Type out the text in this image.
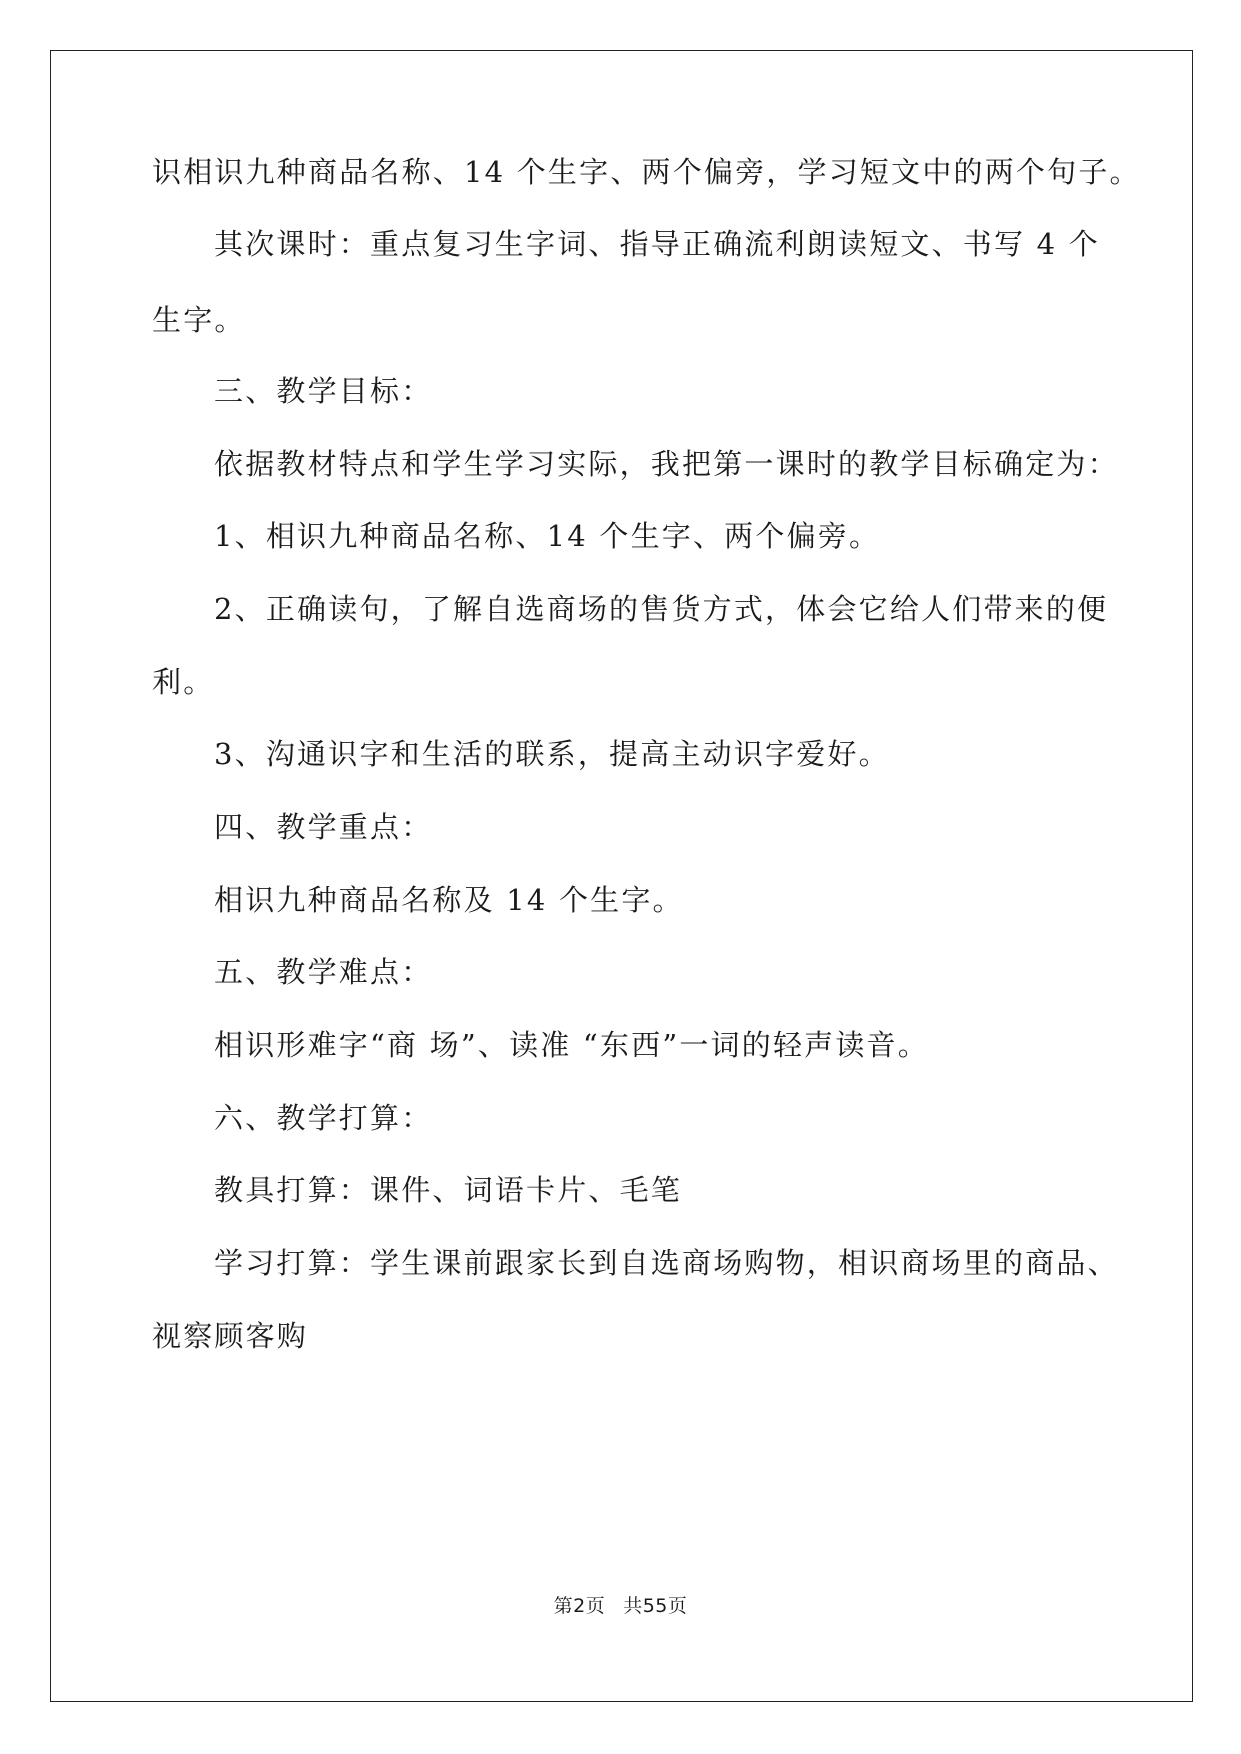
识相识九种商品名称、14 个生字、两个偏旁，学习短文中的两个句子。

其次课时：重点复习生字词、指导正确流利朗读短文、书写 4 个

生字。

三、教学目标：

依据教材特点和学生学习实际，我把第一课时的教学目标确定为：

1、相识九种商品名称、14 个生字、两个偏旁。

2、正确读句，了解自选商场的售货方式，体会它给人们带来的便

利。

3、沟通识字和生活的联系，提高主动识字爱好。

四、教学重点：

相识九种商品名称及 14 个生字。

五、教学难点：

相识形难字“商 场”、读准 “东西”一词的轻声读音。

六、教学打算：

教具打算：课件、词语卡片、毛笔

学习打算：学生课前跟家长到自选商场购物，相识商场里的商品、

视察顾客购

第2页 共55页
